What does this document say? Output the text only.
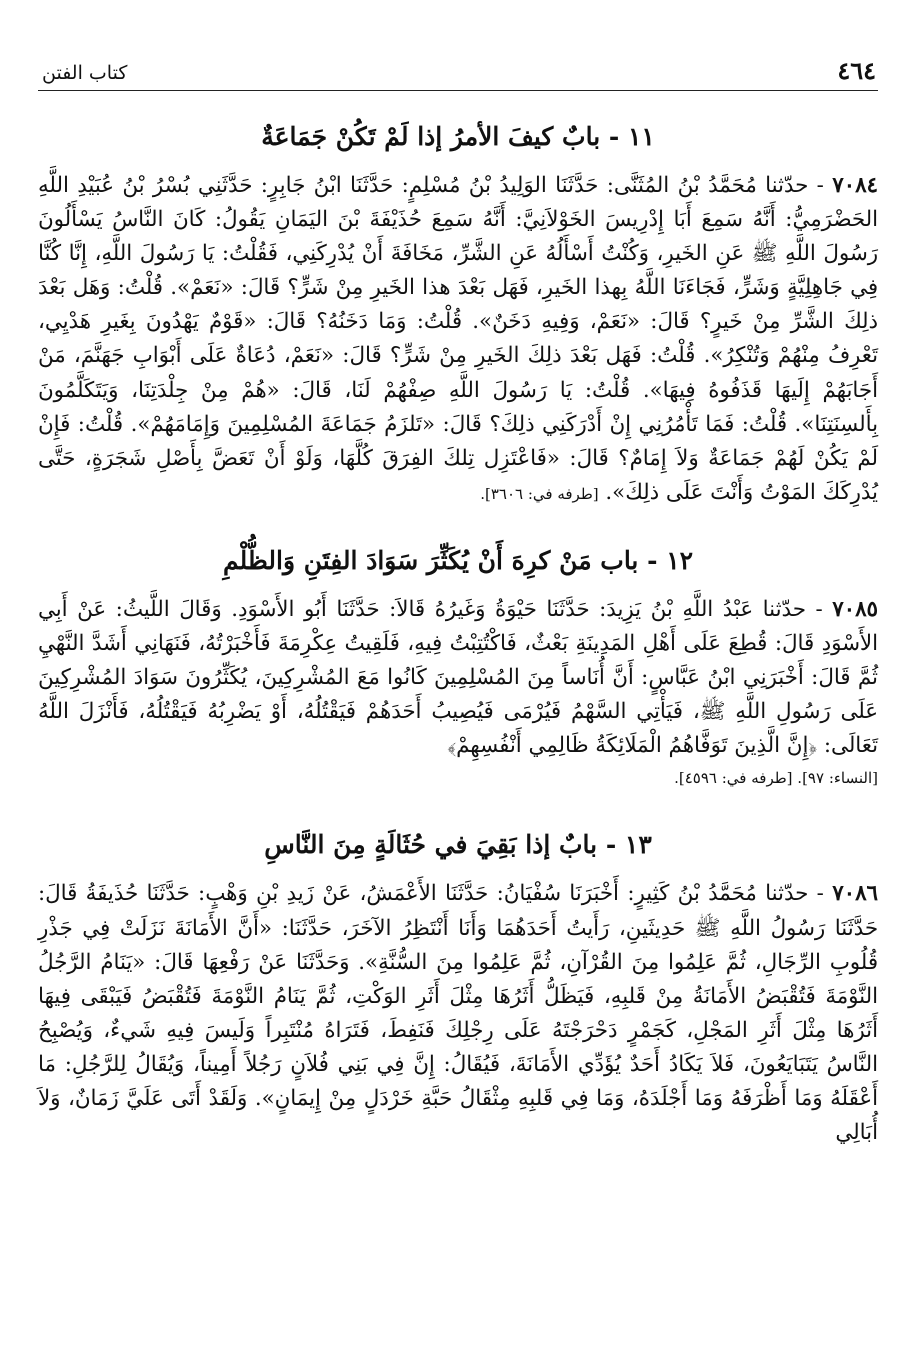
٤٦٤
كتاب الفتن
١١ - بابٌ كيفَ الأمرُ إذا لَمْ تَكُنْ جَمَاعَةٌ

٧٠٨٤ - حدّثنا مُحَمَّدُ بْنُ المُثَنَّى: حَدَّثَنَا الوَلِيدُ بْنُ مُسْلِمٍ: حَدَّثَنَا ابْنُ جَابِرٍ: حَدَّثَنِي بُسْرُ بْنُ عُبَيْدِ اللَّهِ الحَضْرَمِيُّ: أَنَّهُ سَمِعَ أَبَا إِدْرِيسَ الخَوْلاَنِيَّ: أَنَّهُ سَمِعَ حُذَيْفَةَ بْنَ اليَمَانِ يَقُولُ: كَانَ النَّاسُ يَسْأَلُونَ رَسُولَ اللَّهِ ﷺ عَنِ الخَيرِ، وَكُنْتُ أَسْأَلُهُ عَنِ الشَّرِّ، مَخَافَةَ أَنْ يُدْرِكَنِي، فَقُلْتُ: يَا رَسُولَ اللَّهِ، إِنَّا كُنَّا فِي جَاهِلِيَّةٍ وَشَرٍّ، فَجَاءَنَا اللَّهُ بِهذا الخَيرِ، فَهَل بَعْدَ هذا الخَيرِ مِنْ شَرٍّ؟ قَالَ: «نَعَمْ». قُلْتُ: وَهَل بَعْدَ ذلِكَ الشَّرِّ مِنْ خَيرٍ؟ قَالَ: «نَعَمْ، وَفِيهِ دَخَنٌ». قُلْتُ: وَمَا دَخَنُهُ؟ قَالَ: «قَوْمٌ يَهْدُونَ بِغَيرِ هَدْيِي، تَعْرِفُ مِنْهُمْ وَتُنْكِرُ». قُلْتُ: فَهَل بَعْدَ ذلِكَ الخَيرِ مِنْ شَرٍّ؟ قَالَ: «نَعَمْ، دُعَاةٌ عَلَى أَبْوَابِ جَهَنَّمَ، مَنْ أَجَابَهُمْ إِلَيهَا قَذَفُوهُ فِيهَا». قُلْتُ: يَا رَسُولَ اللَّهِ صِفْهُمْ لَنَا، قَالَ: «هُمْ مِنْ جِلْدَتِنَا، وَيَتَكَلَّمُونَ بِأَلسِنَتِنَا». قُلْتُ: فَمَا تَأْمُرُنِي إِنْ أَدْرَكَنِي ذلِكَ؟ قَالَ: «تَلزَمُ جَمَاعَةَ المُسْلِمِينَ وَإِمَامَهُمْ». قُلْتُ: فَإِنْ لَمْ يَكُنْ لَهُمْ جَمَاعَةٌ وَلاَ إِمَامٌ؟ قَالَ: «فَاعْتَزِل تِلكَ الفِرَقَ كُلَّهَا، وَلَوْ أَنْ تَعَضَّ بِأَصْلِ شَجَرَةٍ، حَتَّى يُدْرِكَكَ المَوْتُ وَأَنْتَ عَلَى ذلِكَ». [طرفه في: ٣٦٠٦].

١٢ - باب مَنْ كرِهَ أَنْ يُكَثِّرَ سَوَادَ الفِتَنِ وَالظُّلْمِ

٧٠٨٥ - حدّثنا عَبْدُ اللَّهِ بْنُ يَزِيدَ: حَدَّثَنَا حَيْوَةُ وَغَيرُهُ قَالاَ: حَدَّثَنَا أَبُو الأَسْوَدِ. وَقَالَ اللَّيثُ: عَنْ أَبِي الأَسْوَدِ قَالَ: قُطِعَ عَلَى أَهْلِ المَدِينَةِ بَعْثٌ، فَاكْتُتِبْتُ فِيهِ، فَلَقِيتُ عِكْرِمَةَ فَأَخْبَرْتُهُ، فَنَهَانِي أَشَدَّ النَّهْيِ ثُمَّ قَالَ: أَخْبَرَنِي ابْنُ عَبَّاسٍ: أَنَّ أُنَاساً مِنَ المُسْلِمِينَ كَانُوا مَعَ المُشْرِكِينَ، يُكَثِّرُونَ سَوَادَ المُشْرِكِينَ عَلَى رَسُولِ اللَّهِ ﷺ، فَيَأْتِي السَّهْمُ فَيُرْمَى فَيُصِيبُ أَحَدَهُمْ فَيَقْتُلُهُ، أَوْ يَضْرِبُهُ فَيَقْتُلُهُ، فَأَنْزَلَ اللَّهُ تَعَالَى: ﴿إِنَّ الَّذِينَ تَوَفَّاهُمُ الْمَلَائِكَةُ ظَالِمِي أَنْفُسِهِمْ﴾

[النساء: ٩٧]. [طرفه في: ٤٥٩٦].

١٣ - بابٌ إذا بَقِيَ في حُثَالَةٍ مِنَ النَّاسِ

٧٠٨٦ - حدّثنا مُحَمَّدُ بْنُ كَثِيرٍ: أَخْبَرَنَا سُفْيَانُ: حَدَّثَنَا الأَعْمَشُ، عَنْ زَيدِ بْنِ وَهْبٍ: حَدَّثَنَا حُذَيفَةُ قَالَ: حَدَّثَنَا رَسُولُ اللَّهِ ﷺ حَدِيثَينِ، رَأَيتُ أَحَدَهُمَا وَأَنَا أَنْتَظِرُ الآخَرَ، حَدَّثَنَا: «أَنَّ الأَمَانَةَ نَزَلَتْ فِي جَذْرِ قُلُوبِ الرِّجَالِ، ثُمَّ عَلِمُوا مِنَ القُرْآنِ، ثُمَّ عَلِمُوا مِنَ السُّنَّةِ». وَحَدَّثَنَا عَنْ رَفْعِهَا قَالَ: «يَنَامُ الرَّجُلُ النَّوْمَةَ فَتُقْبَضُ الأَمَانَةُ مِنْ قَلبِهِ، فَيَظَلُّ أَثَرُهَا مِثْلَ أَثَرِ الوَكْتِ، ثُمَّ يَنَامُ النَّوْمَةَ فَتُقْبَضُ فَيَبْقَى فِيهَا أَثَرُهَا مِثْلَ أَثَرِ المَجْلِ، كَجَمْرٍ دَحْرَجْتَهُ عَلَى رِجْلِكَ فَنَفِطَ، فَتَرَاهُ مُنْتَبِراً وَلَيسَ فِيهِ شَيءٌ، وَيُصْبِحُ النَّاسُ يَتَبَايَعُونَ، فَلاَ يَكَادُ أَحَدٌ يُؤَدِّي الأَمَانَةَ، فَيُقَالُ: إِنَّ فِي بَنِي فُلاَنٍ رَجُلاً أَمِيناً، وَيُقَالُ لِلرَّجُلِ: مَا أَعْقَلَهُ وَمَا أَظْرَفَهُ وَمَا أَجْلَدَهُ، وَمَا فِي قَلبِهِ مِثْقَالُ حَبَّةِ خَرْدَلٍ مِنْ إِيمَانٍ». وَلَقَدْ أَتَى عَلَيَّ زَمَانٌ، وَلاَ أُبَالِي
